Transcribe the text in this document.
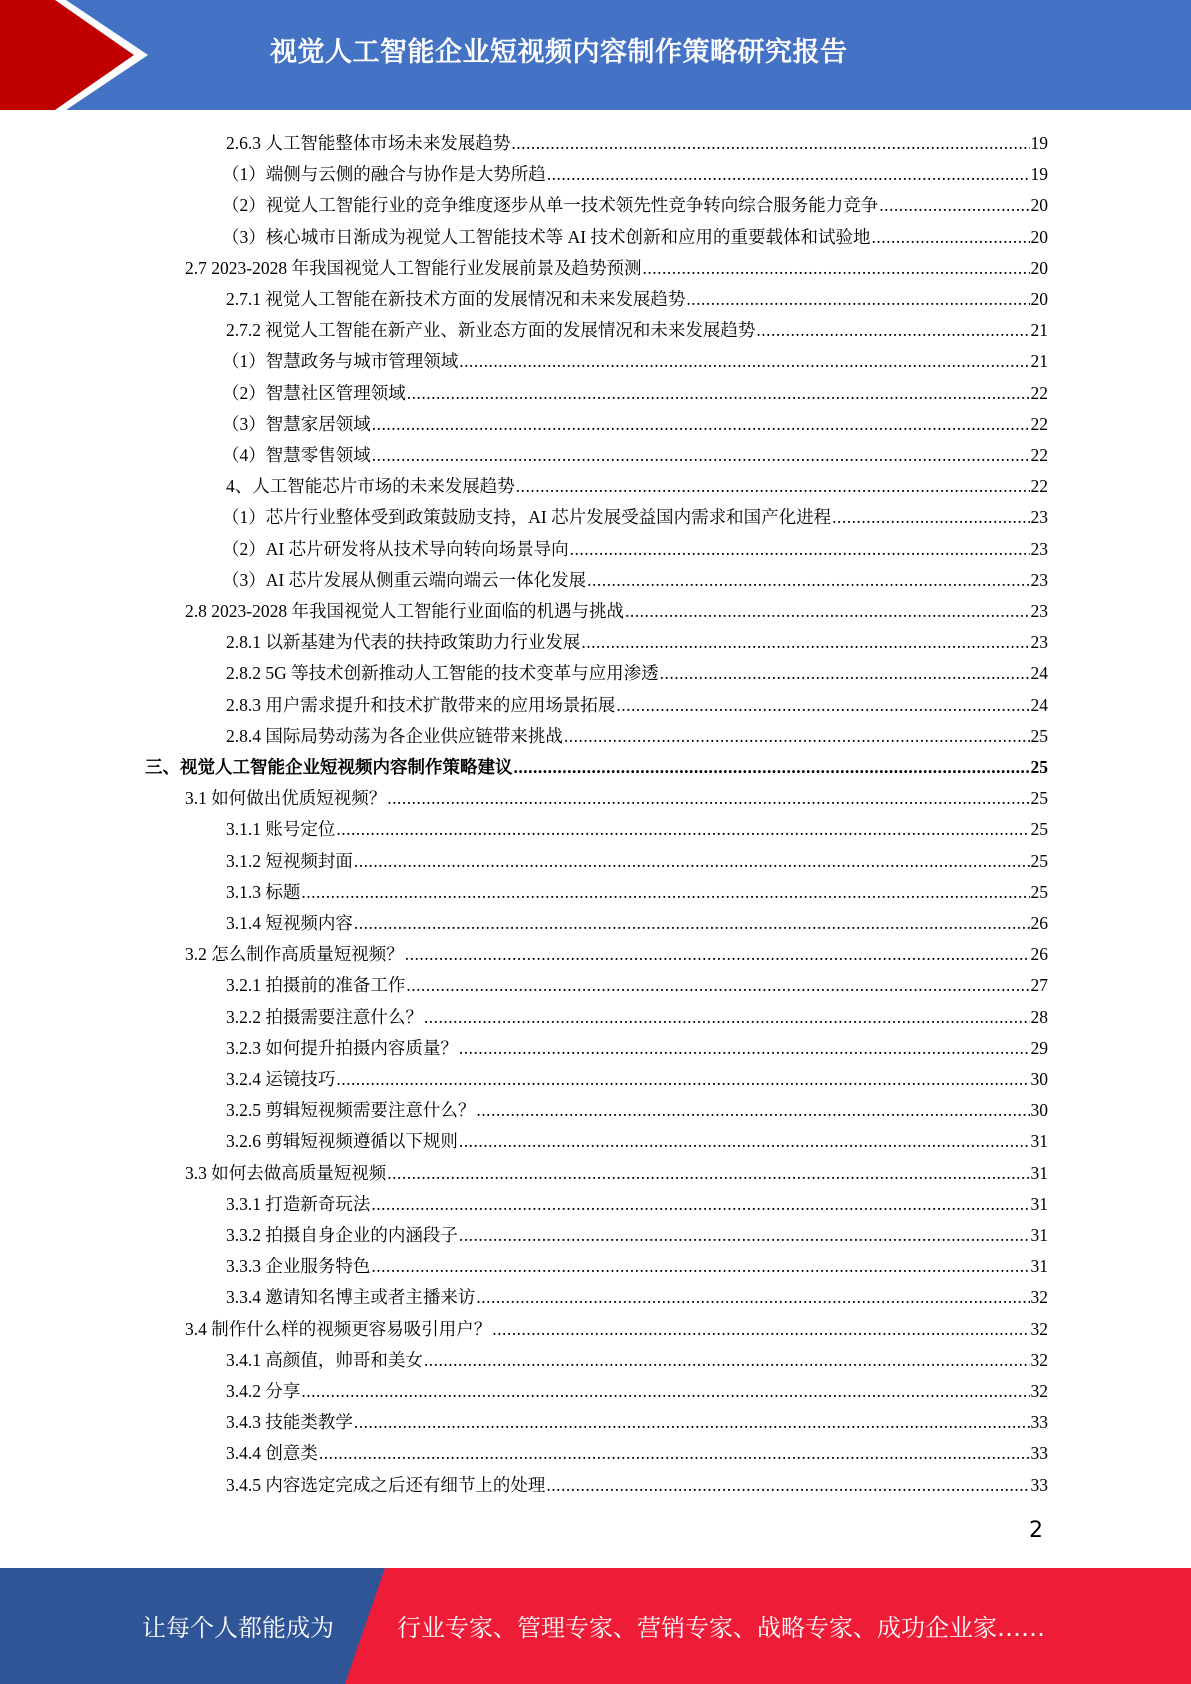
视觉人工智能企业短视频内容制作策略研究报告
2.6.3 人工智能整体市场未来发展趋势 .....	19
（1）端侧与云侧的融合与协作是大势所趋 .....	19
（2）视觉人工智能行业的竞争维度逐步从单一技术领先性竞争转向综合服务能力竞争 .....	20
（3）核心城市日渐成为视觉人工智能技术等 AI 技术创新和应用的重要载体和试验地 .....	20
2.7 2023-2028 年我国视觉人工智能行业发展前景及趋势预测 .....	20
2.7.1 视觉人工智能在新技术方面的发展情况和未来发展趋势 .....	20
2.7.2 视觉人工智能在新产业、新业态方面的发展情况和未来发展趋势 .....	21
（1）智慧政务与城市管理领域 .....	21
（2）智慧社区管理领域 .....	22
（3）智慧家居领域 .....	22
（4）智慧零售领域 .....	22
4、人工智能芯片市场的未来发展趋势 .....	22
（1）芯片行业整体受到政策鼓励支持，AI 芯片发展受益国内需求和国产化进程 .....	23
（2）AI 芯片研发将从技术导向转向场景导向 .....	23
（3）AI 芯片发展从侧重云端向端云一体化发展 .....	23
2.8 2023-2028 年我国视觉人工智能行业面临的机遇与挑战 .....	23
2.8.1 以新基建为代表的扶持政策助力行业发展 .....	23
2.8.2 5G 等技术创新推动人工智能的技术变革与应用渗透 .....	24
2.8.3 用户需求提升和技术扩散带来的应用场景拓展 .....	24
2.8.4 国际局势动荡为各企业供应链带来挑战 .....	25
三、视觉人工智能企业短视频内容制作策略建议 .....	25
3.1 如何做出优质短视频？ .....	25
3.1.1 账号定位 .....	25
3.1.2 短视频封面 .....	25
3.1.3 标题 .....	25
3.1.4 短视频内容 .....	26
3.2 怎么制作高质量短视频？ .....	26
3.2.1 拍摄前的准备工作 .....	27
3.2.2 拍摄需要注意什么？ .....	28
3.2.3 如何提升拍摄内容质量？ .....	29
3.2.4 运镜技巧 .....	30
3.2.5 剪辑短视频需要注意什么？ .....	30
3.2.6 剪辑短视频遵循以下规则 .....	31
3.3 如何去做高质量短视频 .....	31
3.3.1 打造新奇玩法 .....	31
3.3.2 拍摄自身企业的内涵段子 .....	31
3.3.3 企业服务特色 .....	31
3.3.4 邀请知名博主或者主播来访 .....	32
3.4 制作什么样的视频更容易吸引用户？ .....	32
3.4.1 高颜值，帅哥和美女 .....	32
3.4.2 分享 .....	32
3.4.3 技能类教学 .....	33
3.4.4 创意类 .....	33
3.4.5 内容选定完成之后还有细节上的处理 .....	33
2
让每个人都能成为	行业专家、管理专家、营销专家、战略专家、成功企业家……
